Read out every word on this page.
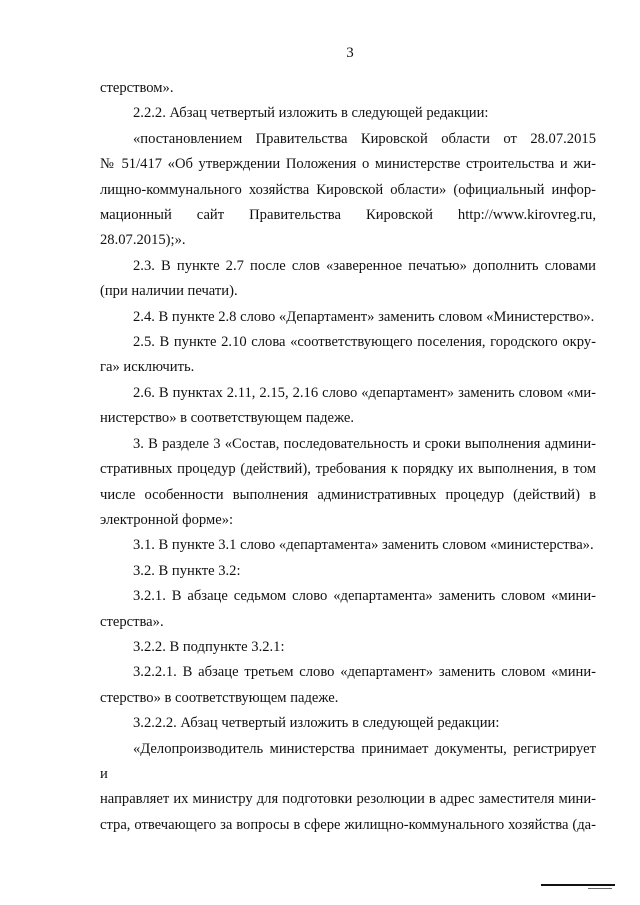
3

стерством».

2.2.2. Абзац четвертый изложить в следующей редакции:

«постановлением Правительства Кировской области от 28.07.2015
№ 51/417 «Об утверждении Положения о министерстве строительства и жи-
лищно-коммунального хозяйства Кировской области» (официальный инфор-
мационный сайт Правительства Кировской http://www.kirovreg.ru,
28.07.2015);».

2.3. В пункте 2.7 после слов «заверенное печатью» дополнить словами
(при наличии печати).

2.4. В пункте 2.8 слово «Департамент» заменить словом «Министерство».

2.5. В пункте 2.10 слова «соответствующего поселения, городского окру-
га» исключить.

2.6. В пунктах 2.11, 2.15, 2.16 слово «департамент» заменить словом «ми-
нистерство» в соответствующем падеже.

3. В разделе 3 «Состав, последовательность и сроки выполнения админи-
стративных процедур (действий), требования к порядку их выполнения, в том
числе особенности выполнения административных процедур (действий) в
электронной форме»:

3.1. В пункте 3.1 слово «департамента» заменить словом «министерства».

3.2. В пункте 3.2:

3.2.1. В абзаце седьмом слово «департамента» заменить словом «мини-
стерства».

3.2.2. В подпункте 3.2.1:

3.2.2.1. В абзаце третьем слово «департамент» заменить словом «мини-
стерство» в соответствующем падеже.

3.2.2.2. Абзац четвертый изложить в следующей редакции:

«Делопроизводитель министерства принимает документы, регистрирует и
направляет их министру для подготовки резолюции в адрес заместителя мини-
стра, отвечающего за вопросы в сфере жилищно-коммунального хозяйства (да-
